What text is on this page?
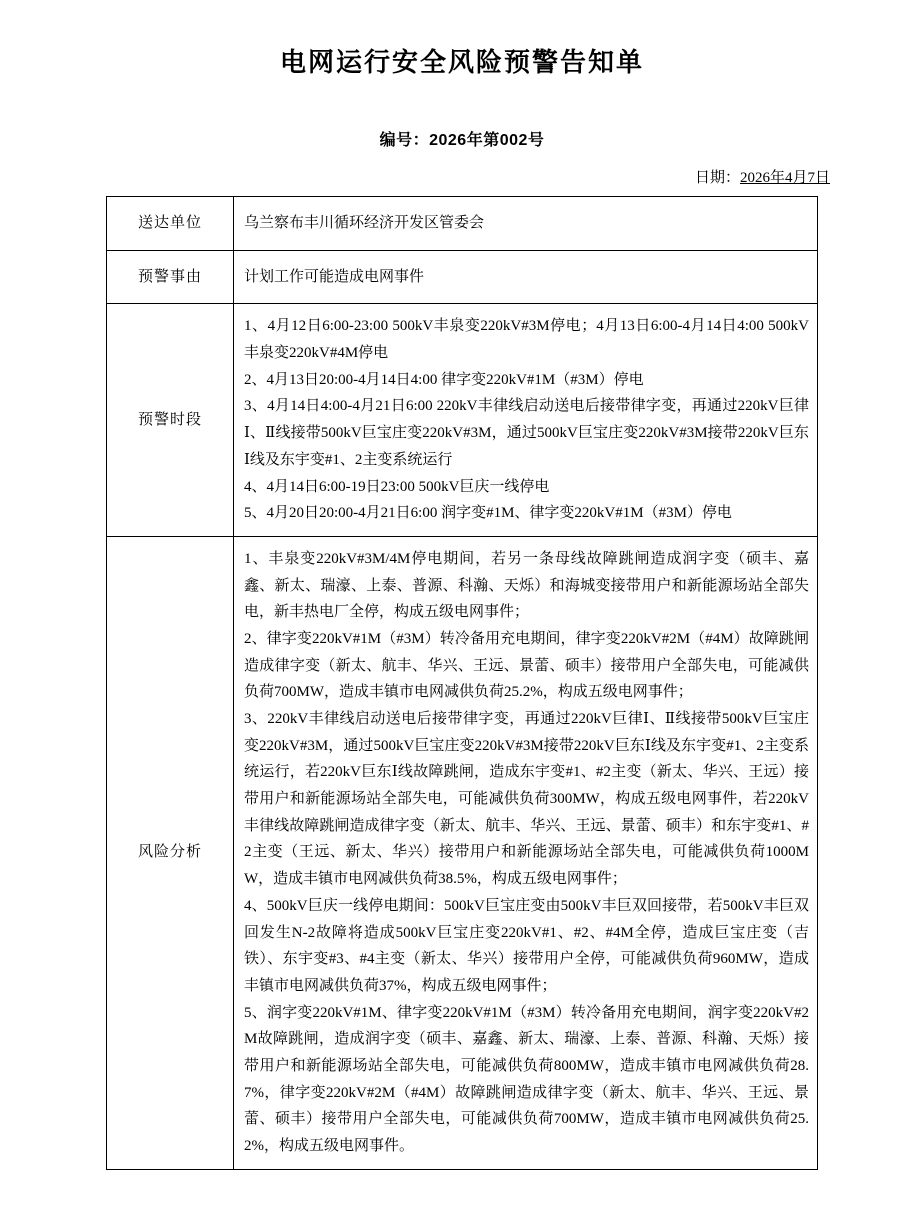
电网运行安全风险预警告知单
编号：2026年第002号
日期： 2026年4月7日
送达单位	乌兰察布丰川循环经济开发区管委会
预警事由	计划工作可能造成电网事件
预警时段	1、4月12日6:00-23:00 500kV丰泉变220kV#3M停电；4月13日6:00-4月14日4:00 500kV丰泉变220kV#4M停电

2、4月13日20:00-4月14日4:00 律字变220kV#1M（#3M）停电

3、4月14日4:00-4月21日6:00 220kV丰律线启动送电后接带律字变，再通过220kV巨律Ⅰ、Ⅱ线接带500kV巨宝庄变220kV#3M，通过500kV巨宝庄变220kV#3M接带220kV巨东Ⅰ线及东宇变#1、2主变系统运行

4、4月14日6:00-19日23:00 500kV巨庆一线停电

5、4月20日20:00-4月21日6:00 润字变#1M、律字变220kV#1M（#3M）停电

风险分析	1、丰泉变220kV#3M/4M停电期间，若另一条母线故障跳闸造成润字变（硕丰、嘉鑫、新太、瑞濠、上泰、普源、科瀚、天烁）和海城变接带用户和新能源场站全部失电，新丰热电厂全停，构成五级电网事件；

2、律字变220kV#1M（#3M）转冷备用充电期间，律字变220kV#2M（#4M）故障跳闸造成律字变（新太、航丰、华兴、王远、景蕾、硕丰）接带用户全部失电，可能减供负荷700MW，造成丰镇市电网减供负荷25.2%，构成五级电网事件；

3、220kV丰律线启动送电后接带律字变，再通过220kV巨律Ⅰ、Ⅱ线接带500kV巨宝庄变220kV#3M，通过500kV巨宝庄变220kV#3M接带220kV巨东Ⅰ线及东宇变#1、2主变系统运行，若220kV巨东Ⅰ线故障跳闸，造成东宇变#1、#2主变（新太、华兴、王远）接带用户和新能源场站全部失电，可能减供负荷300MW，构成五级电网事件，若220kV丰律线故障跳闸造成律字变（新太、航丰、华兴、王远、景蕾、硕丰）和东宇变#1、#2主变（王远、新太、华兴）接带用户和新能源场站全部失电，可能减供负荷1000MW，造成丰镇市电网减供负荷38.5%，构成五级电网事件；

4、500kV巨庆一线停电期间：500kV巨宝庄变由500kV丰巨双回接带，若500kV丰巨双回发生N-2故障将造成500kV巨宝庄变220kV#1、#2、#4M全停，造成巨宝庄变（吉铁）、东宇变#3、#4主变（新太、华兴）接带用户全停，可能减供负荷960MW，造成丰镇市电网减供负荷37%，构成五级电网事件；

5、润字变220kV#1M、律字变220kV#1M（#3M）转冷备用充电期间，润字变220kV#2M故障跳闸，造成润字变（硕丰、嘉鑫、新太、瑞濠、上泰、普源、科瀚、天烁）接带用户和新能源场站全部失电，可能减供负荷800MW，造成丰镇市电网减供负荷28.7%，律字变220kV#2M（#4M）故障跳闸造成律字变（新太、航丰、华兴、王远、景蕾、硕丰）接带用户全部失电，可能减供负荷700MW，造成丰镇市电网减供负荷25.2%，构成五级电网事件。
